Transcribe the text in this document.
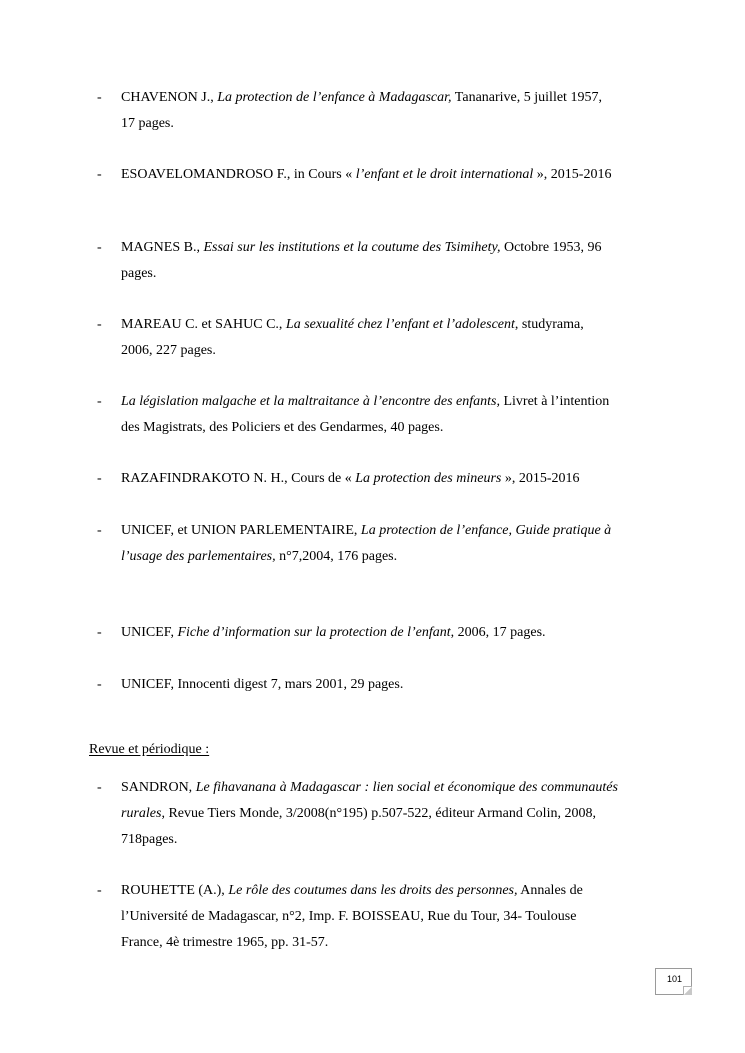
- CHAVENON J., La protection de l’enfance à Madagascar, Tananarive, 5 juillet 1957,
17 pages.
- ESOAVELOMANDROSO F., in Cours « l’enfant et le droit international », 2015-2016
- MAGNES B., Essai sur les institutions et la coutume des Tsimihety, Octobre 1953, 96
pages.
- MAREAU C. et SAHUC C., La sexualité chez l’enfant et l’adolescent, studyrama,
2006, 227 pages.
- La législation malgache et la maltraitance à l’encontre des enfants, Livret à l’intention
des Magistrats, des Policiers et des Gendarmes, 40 pages.
- RAZAFINDRAKOTO N. H., Cours de « La protection des mineurs », 2015-2016
- UNICEF, et UNION PARLEMENTAIRE, La protection de l’enfance, Guide pratique à
l’usage des parlementaires, n°7,2004, 176 pages.
- UNICEF, Fiche d’information sur la protection de l’enfant, 2006, 17 pages.
- UNICEF, Innocenti digest 7, mars 2001, 29 pages.
Revue et périodique :
- SANDRON, Le fihavanana à Madagascar : lien social et économique des communautés
rurales, Revue Tiers Monde, 3/2008(n°195) p.507-522, éditeur Armand Colin, 2008,
718pages.
- ROUHETTE (A.), Le rôle des coutumes dans les droits des personnes, Annales de
l’Université de Madagascar, n°2, Imp. F. BOISSEAU, Rue du Tour, 34- Toulouse
France, 4è trimestre 1965, pp. 31-57.
101
